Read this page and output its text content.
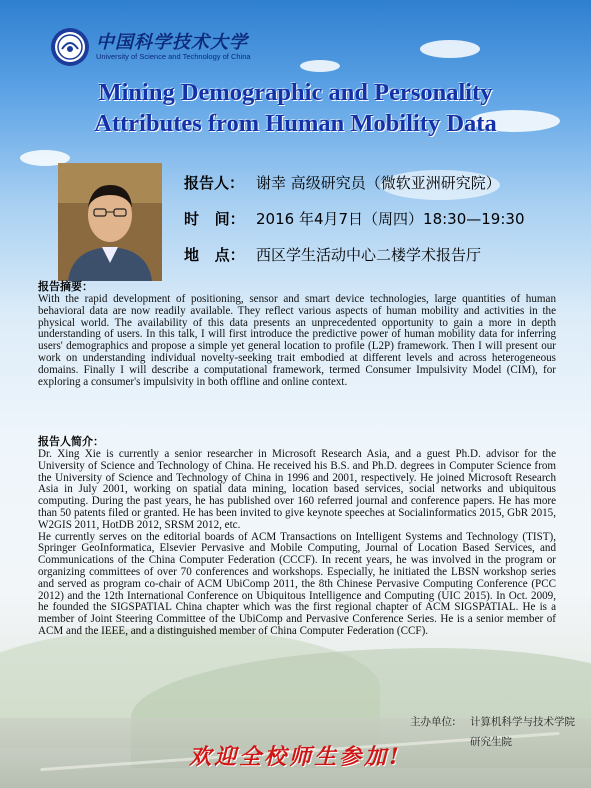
中国科学技术大学
University of Science and Technology of China
Mining Demographic and Personality
Attributes from Human Mobility Data
报告人： 谢幸 高级研究员（微软亚洲研究院）
时   间： 2016 年4月7日（周四）18:30—19:30
地   点： 西区学生活动中心二楼学术报告厅
报告摘要：
With the rapid development of positioning, sensor and smart device technologies, large quantities of human behavioral data are now readily available. They reflect various aspects of human mobility and activities in the physical world. The availability of this data presents an unprecedented opportunity to gain a more in depth understanding of users. In this talk, I will first introduce the predictive power of human mobility data for inferring users' demographics and propose a simple yet general location to profile (L2P) framework. Then I will present our work on understanding individual novelty-seeking trait embodied at different levels and across heterogeneous domains. Finally I will describe a computational framework, termed Consumer Impulsivity Model (CIM), for exploring a consumer's impulsivity in both offline and online context.
报告人简介：
Dr. Xing Xie is currently a senior researcher in Microsoft Research Asia, and a guest Ph.D. advisor for the University of Science and Technology of China. He received his B.S. and Ph.D. degrees in Computer Science from the University of Science and Technology of China in 1996 and 2001, respectively. He joined Microsoft Research Asia in July 2001, working on spatial data mining, location based services, social networks and ubiquitous computing. During the past years, he has published over 160 referred journal and conference papers. He has more than 50 patents filed or granted. He has been invited to give keynote speeches at Socialinformatics 2015, GbR 2015, W2GIS 2011, HotDB 2012, SRSM 2012, etc.
He currently serves on the editorial boards of ACM Transactions on Intelligent Systems and Technology (TIST), Springer GeoInformatica, Elsevier Pervasive and Mobile Computing, Journal of Location Based Services, and Communications of the China Computer Federation (CCCF). In recent years, he was involved in the program or organizing committees of over 70 conferences and workshops. Especially, he initiated the LBSN workshop series and served as program co-chair of ACM UbiComp 2011, the 8th Chinese Pervasive Computing Conference (PCC 2012) and the 12th International Conference on Ubiquitous Intelligence and Computing (UIC 2015). In Oct. 2009, he founded the SIGSPATIAL China chapter which was the first regional chapter of ACM SIGSPATIAL. He is a member of Joint Steering Committee of the UbiComp and Pervasive Conference Series. He is a senior member of ACM and the IEEE, and a distinguished member of China Computer Federation (CCF).
主办单位: 计算机科学与技术学院
研究生院
欢迎全校师生参加!
